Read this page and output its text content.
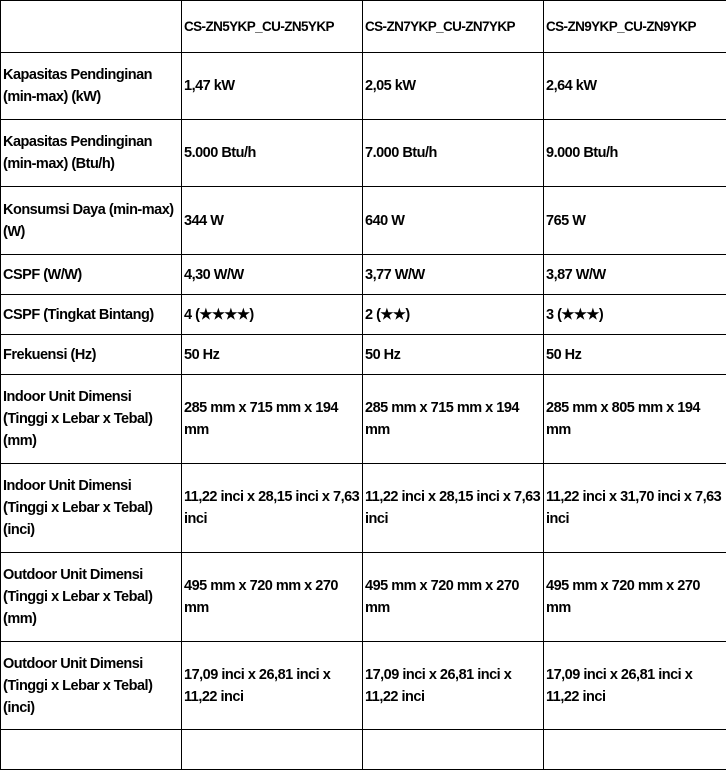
	CS-ZN5YKP_CU-ZN5YKP	CS-ZN7YKP_CU-ZN7YKP	CS-ZN9YKP_CU-ZN9YKP
Kapasitas Pendinginan (min-max) (kW)	1,47 kW	2,05 kW	2,64 kW
Kapasitas Pendinginan (min-max) (Btu/h)	5.000 Btu/h	7.000 Btu/h	9.000 Btu/h
Konsumsi Daya (min-max) (W)	344 W	640 W	765 W
CSPF (W/W)	4,30 W/W	3,77 W/W	3,87 W/W
CSPF (Tingkat Bintang)	4 (★★★★)	2 (★★)	3 (★★★)
Frekuensi (Hz)	50 Hz	50 Hz	50 Hz
Indoor Unit Dimensi (Tinggi x Lebar x Tebal) (mm)	285 mm x 715 mm x 194 mm	285 mm x 715 mm x 194 mm	285 mm x 805 mm x 194 mm
Indoor Unit Dimensi (Tinggi x Lebar x Tebal) (inci)	11,22 inci x 28,15 inci x 7,63 inci	11,22 inci x 28,15 inci x 7,63 inci	11,22 inci x 31,70 inci x 7,63 inci
Outdoor Unit Dimensi (Tinggi x Lebar x Tebal) (mm)	495 mm x 720 mm x 270 mm	495 mm x 720 mm x 270 mm	495 mm x 720 mm x 270 mm
Outdoor Unit Dimensi (Tinggi x Lebar x Tebal) (inci)	17,09 inci x 26,81 inci x 11,22 inci	17,09 inci x 26,81 inci x 11,22 inci	17,09 inci x 26,81 inci x 11,22 inci
